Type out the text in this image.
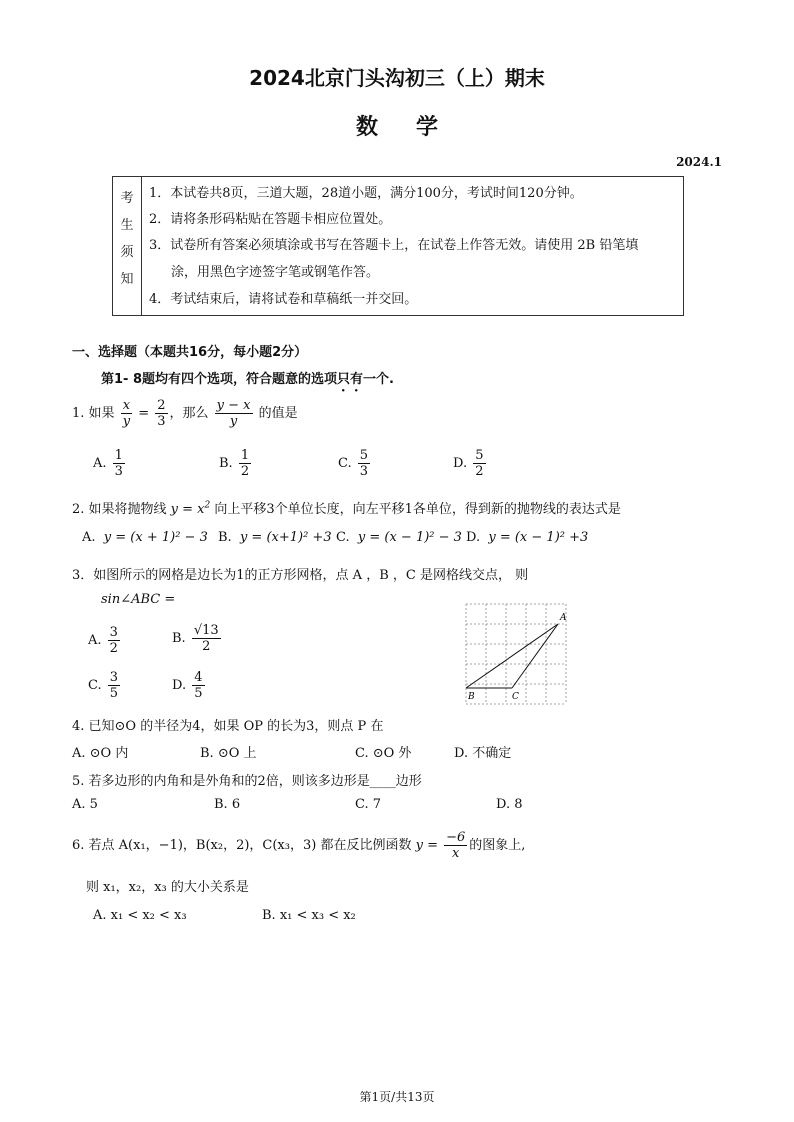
2024北京门头沟初三（上）期末
数学
2024.1
考
生
须
知
1．本试卷共8页，三道大题，28道小题，满分100分，考试时间120分钟。
2．请将条形码粘贴在答题卡相应位置处。
3．试卷所有答案必须填涂或书写在答题卡上，在试卷上作答无效。请使用 2B 铅笔填
涂，用黑色字迹签字笔或钢笔作答。
4．考试结束后，请将试卷和草稿纸一并交回。
一、选择题（本题共16分，每小题2分）
第1- 8题均有四个选项，符合题意的选项只有一个.
1. 如果 $\frac{x}{y} = \frac{2}{3}$ ，那么 $\frac{y - x}{y}$ 的值是
A. $\frac{1}{3}$	B. $\frac{1}{2}$	C. $\frac{5}{3}$	D. $\frac{5}{2}$
2. 如果将抛物线 $y = x^2$ 向上平移3个单位长度，向左平移1各单位，得到新的抛物线的表达式是
A. y = (x + 1)² − 3 B. y = (x+1)² +3 C. y = (x − 1)² − 3 D. y = (x − 1)² +3
3．如图所示的网格是边长为1的正方形网格，点 A ，B ，C 是网格线交点， 则
sin∠ABC =
A. $\frac{3}{2}$	B. $\frac{√13}{2}$
C. $\frac{3}{5}$	D. $\frac{4}{5}$
A
B	C
4. 已知⊙O 的半径为4，如果 OP 的长为3，则点 P 在
A. ⊙O 内	B. ⊙O 上	C. ⊙O 外	D. 不确定
5. 若多边形的内角和是外角和的2倍，则该多边形是____边形
A. 5	B. 6	C. 7	D. 8
6. 若点 A(x₁，−1)，B(x₂，2)，C(x₃，3) 都在反比例函数 $y = \frac{-6}{x}$ 的图象上,
则 x₁，x₂，x₃ 的大小关系是
A. x₁ < x₂ < x₃	B. x₁ < x₃ < x₂
第1页/共13页
